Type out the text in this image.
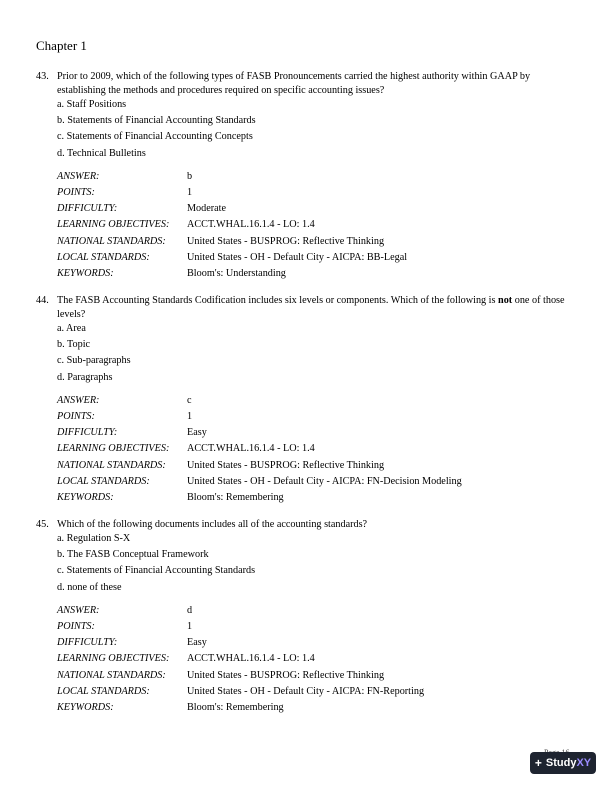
Chapter 1
43. Prior to 2009, which of the following types of FASB Pronouncements carried the highest authority within GAAP by establishing the methods and procedures required on specific accounting issues?
a. Staff Positions
b. Statements of Financial Accounting Standards
c. Statements of Financial Accounting Concepts
d. Technical Bulletins
ANSWER:	b
POINTS:	1
DIFFICULTY:	Moderate
LEARNING OBJECTIVES:	ACCT.WHAL.16.1.4 - LO: 1.4
NATIONAL STANDARDS:	United States - BUSPROG: Reflective Thinking
LOCAL STANDARDS:	United States - OH - Default City - AICPA: BB-Legal
KEYWORDS:	Bloom's: Understanding
44. The FASB Accounting Standards Codification includes six levels or components. Which of the following is not one of those levels?
a. Area
b. Topic
c. Sub-paragraphs
d. Paragraphs
ANSWER:	c
POINTS:	1
DIFFICULTY:	Easy
LEARNING OBJECTIVES:	ACCT.WHAL.16.1.4 - LO: 1.4
NATIONAL STANDARDS:	United States - BUSPROG: Reflective Thinking
LOCAL STANDARDS:	United States - OH - Default City - AICPA: FN-Decision Modeling
KEYWORDS:	Bloom's: Remembering
45. Which of the following documents includes all of the accounting standards?
a. Regulation S-X
b. The FASB Conceptual Framework
c. Statements of Financial Accounting Standards
d. none of these
ANSWER:	d
POINTS:	1
DIFFICULTY:	Easy
LEARNING OBJECTIVES:	ACCT.WHAL.16.1.4 - LO: 1.4
NATIONAL STANDARDS:	United States - BUSPROG: Reflective Thinking
LOCAL STANDARDS:	United States - OH - Default City - AICPA: FN-Reporting
KEYWORDS:	Bloom's: Remembering
+ Study XY
